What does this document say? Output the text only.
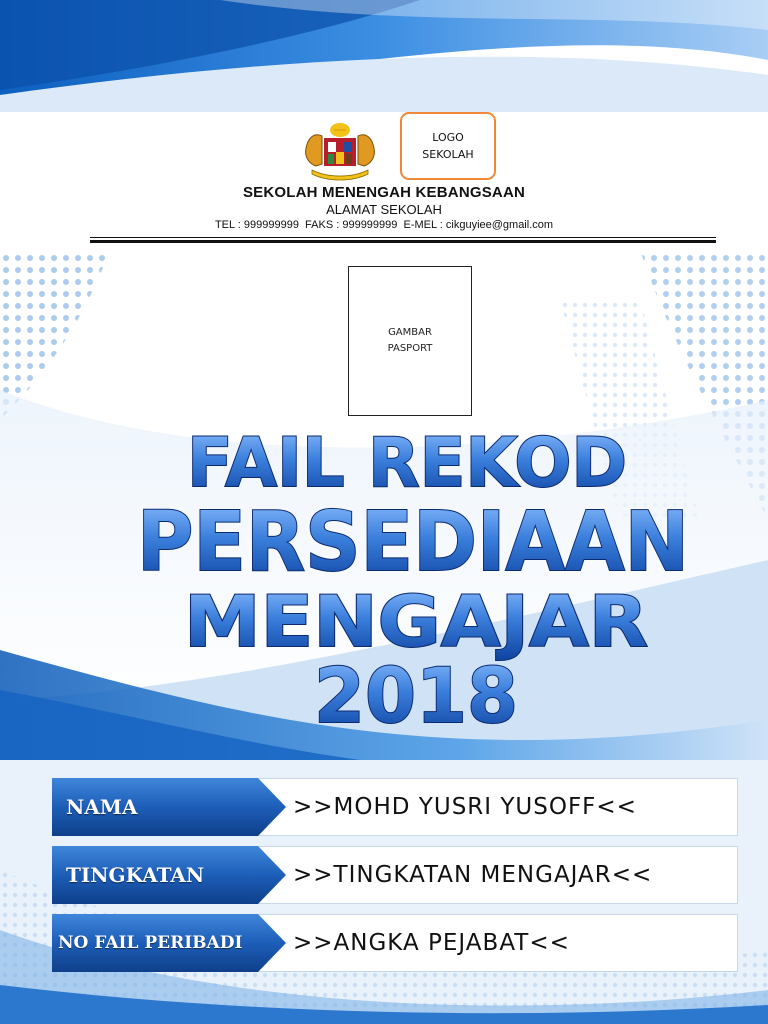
LOGO
SEKOLAH
SEKOLAH MENENGAH KEBANGSAAN
ALAMAT SEKOLAH
TEL : 999999999  FAKS : 999999999  E-MEL : cikguyiee@gmail.com
GAMBAR
PASPORT
FAIL REKOD
PERSEDIAAN
MENGAJAR
2018
>>MOHD YUSRI YUSOFF<<
NAMA
>>TINGKATAN MENGAJAR<<
TINGKATAN
>>ANGKA PEJABAT<<
NO FAIL PERIBADI
